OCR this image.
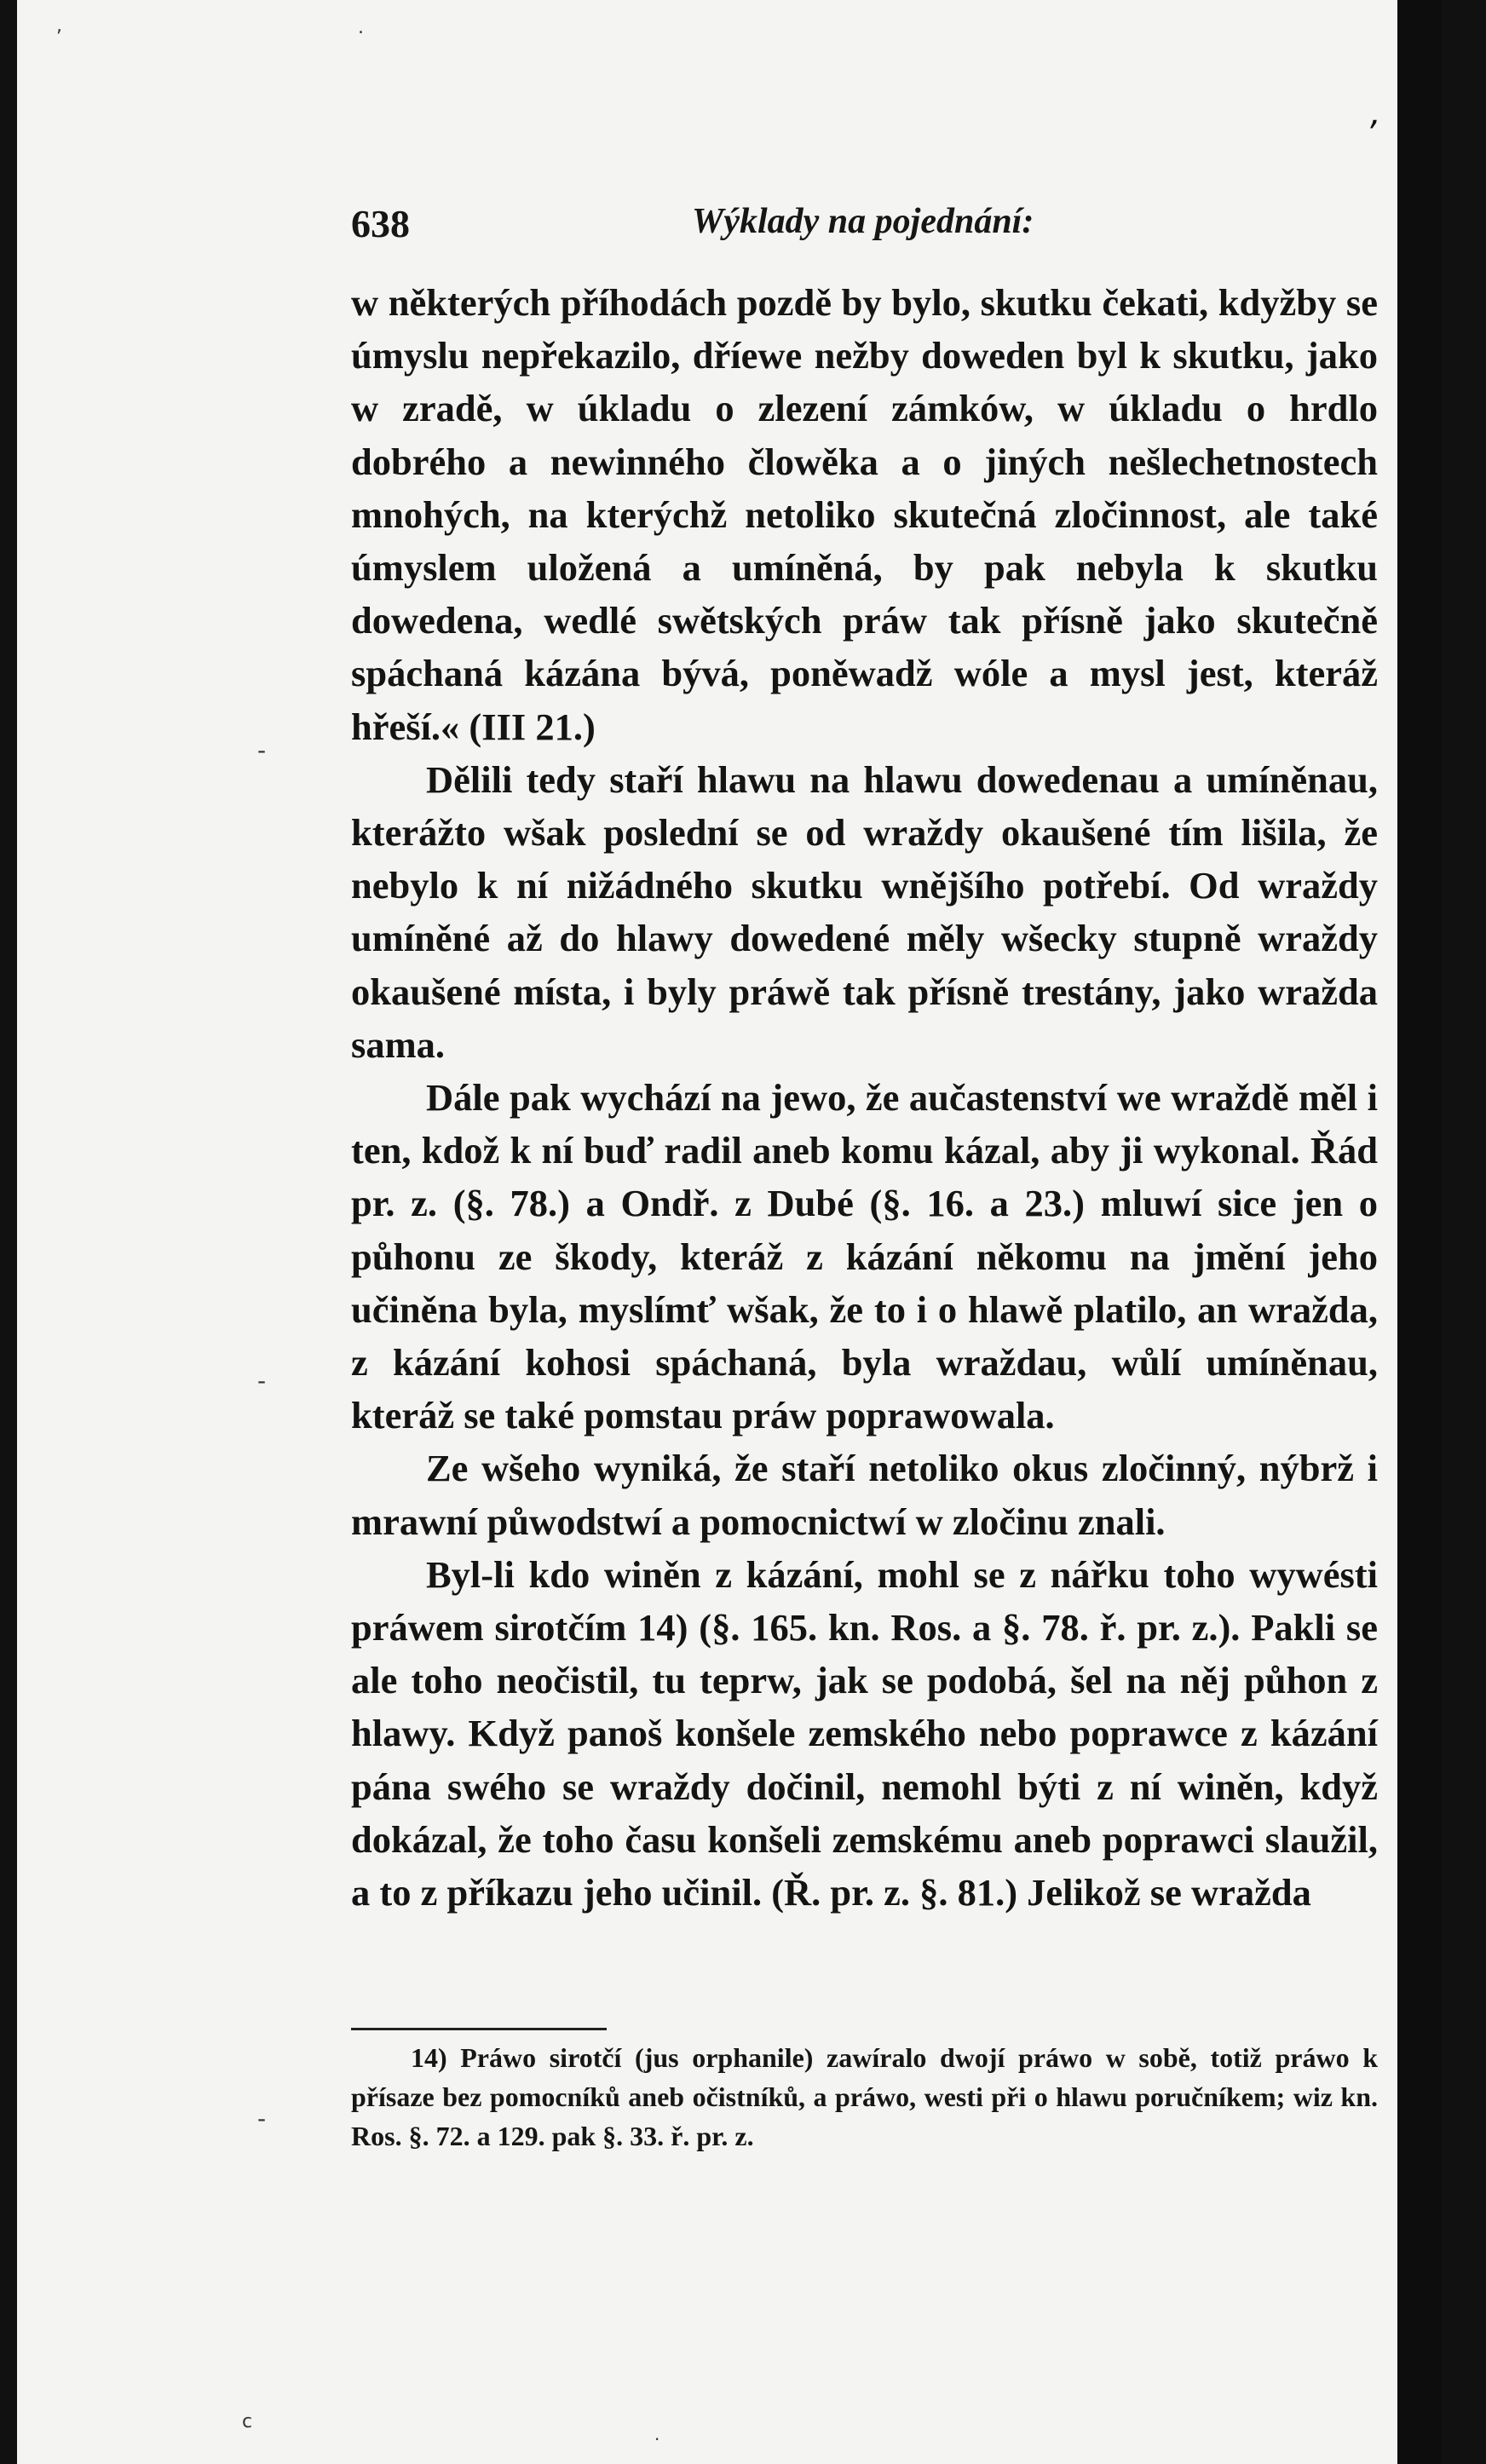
,	.
,
-
-
-
c
.
638	Wýklady na pojednání:

w některých příhodách pozdě by bylo, skutku čekati, kdyžby se úmyslu nepřekazilo, dříewe nežby doweden byl k skutku, jako w zradě, w úkladu o zlezení zámków, w úkladu o hrdlo dobrého a newinného člowěka a o jiných nešlechetnostech mnohých, na kterýchž netoliko skutečná zločinnost, ale také úmyslem uložená a umíněná, by pak nebyla k skutku dowedena, wedlé swětských práw tak přísně jako skutečně spáchaná kázána bývá, poněwadž wóle a mysl jest, kteráž hřeší.« (III 21.)

Dělili tedy staří hlawu na hlawu dowedenau a umíněnau, kterážto wšak poslední se od wraždy okaušené tím lišila, že nebylo k ní nižádného skutku wnějšího potřebí. Od wraždy umíněné až do hlawy dowedené měly wšecky stupně wraždy okaušené místa, i byly práwě tak přísně trestány, jako wražda sama.

Dále pak wychází na jewo, že aučastenství we wraždě měl i ten, kdož k ní buď radil aneb komu kázal, aby ji wykonal. Řád pr. z. (§. 78.) a Ondř. z Dubé (§. 16. a 23.) mluwí sice jen o půhonu ze škody, kteráž z kázání někomu na jmění jeho učiněna byla, myslímť wšak, že to i o hlawě platilo, an wražda, z kázání kohosi spáchaná, byla wraždau, wůlí umíněnau, kteráž se také pomstau práw poprawowala.

Ze wšeho wyniká, že staří netoliko okus zločinný, nýbrž i mrawní půwodstwí a pomocnictwí w zločinu znali.

Byl-li kdo winěn z kázání, mohl se z nářku toho wywésti práwem sirotčím 14) (§. 165. kn. Ros. a §. 78. ř. pr. z.). Pakli se ale toho neočistil, tu teprw, jak se podobá, šel na něj půhon z hlawy. Když panoš konšele zemského nebo poprawce z kázání pána swého se wraždy dočinil, nemohl býti z ní winěn, když dokázal, že toho času konšeli zemskému aneb poprawci slaužil, a to z příkazu jeho učinil. (Ř. pr. z. §. 81.) Jelikož se wražda

14) Práwo sirotčí (jus orphanile) zawíralo dwojí práwo w sobě, totiž práwo k přísaze bez pomocníků aneb očistníků, a práwo, westi při o hlawu poručníkem; wiz kn. Ros. §. 72. a 129. pak §. 33. ř. pr. z.
